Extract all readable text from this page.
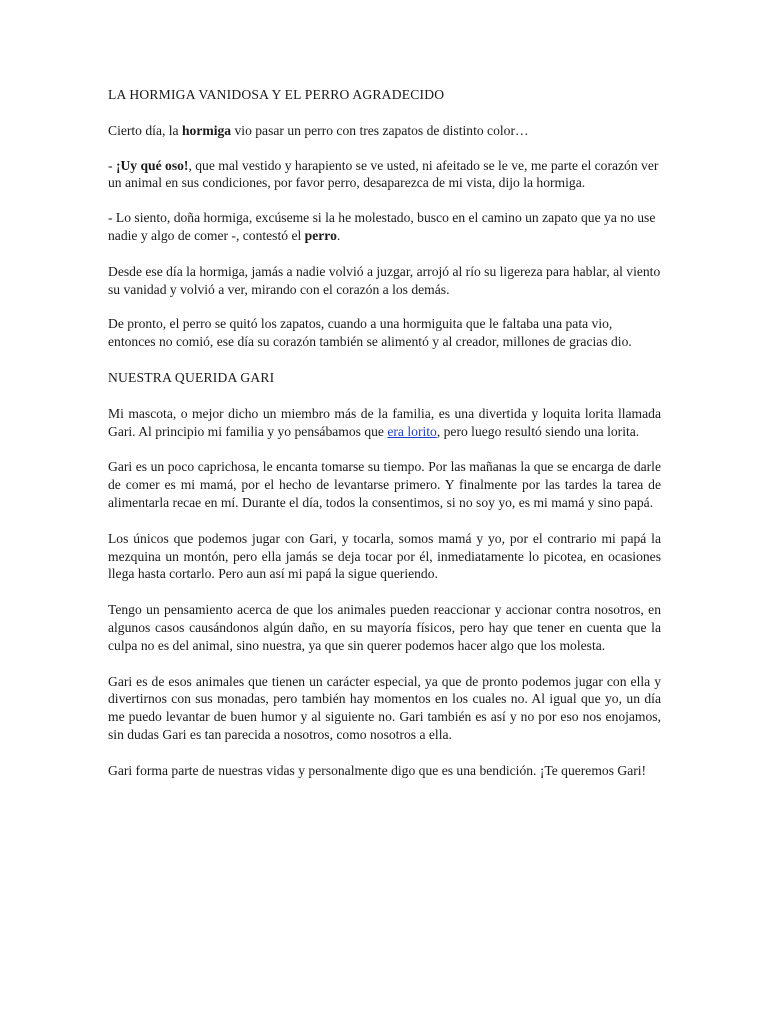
LA HORMIGA VANIDOSA Y EL PERRO AGRADECIDO

Cierto día, la hormiga vio pasar un perro con tres zapatos de distinto color…

- ¡Uy qué oso!, que mal vestido y harapiento se ve usted, ni afeitado se le ve, me parte el corazón ver un animal en sus condiciones, por favor perro, desaparezca de mi vista, dijo la hormiga.

- Lo siento, doña hormiga, excúseme si la he molestado, busco en el camino un zapato que ya no use nadie y algo de comer -, contestó el perro.

Desde ese día la hormiga, jamás a nadie volvió a juzgar, arrojó al río su ligereza para hablar, al viento su vanidad y volvió a ver, mirando con el corazón a los demás.

De pronto, el perro se quitó los zapatos, cuando a una hormiguita que le faltaba una pata vio, entonces no comió, ese día su corazón también se alimentó y al creador, millones de gracias dio.

NUESTRA QUERIDA GARI

Mi mascota, o mejor dicho un miembro más de la familia, es una divertida y loquita lorita llamada Gari. Al principio mi familia y yo pensábamos que era lorito, pero luego resultó siendo una lorita.

Gari es un poco caprichosa, le encanta tomarse su tiempo. Por las mañanas la que se encarga de darle de comer es mi mamá, por el hecho de levantarse primero. Y finalmente por las tardes la tarea de alimentarla recae en mí. Durante el día, todos la consentimos, si no soy yo, es mi mamá y sino papá.

Los únicos que podemos jugar con Gari, y tocarla, somos mamá y yo, por el contrario mi papá la mezquina un montón, pero ella jamás se deja tocar por él, inmediatamente lo picotea, en ocasiones llega hasta cortarlo. Pero aun así mi papá la sigue queriendo.

Tengo un pensamiento acerca de que los animales pueden reaccionar y accionar contra nosotros, en algunos casos causándonos algún daño, en su mayoría físicos, pero hay que tener en cuenta que la culpa no es del animal, sino nuestra, ya que sin querer podemos hacer algo que los molesta.

Gari es de esos animales que tienen un carácter especial, ya que de pronto podemos jugar con ella y divertirnos con sus monadas, pero también hay momentos en los cuales no. Al igual que yo, un día me puedo levantar de buen humor y al siguiente no. Gari también es así y no por eso nos enojamos, sin dudas Gari es tan parecida a nosotros, como nosotros a ella.

Gari forma parte de nuestras vidas y personalmente digo que es una bendición. ¡Te queremos Gari!
